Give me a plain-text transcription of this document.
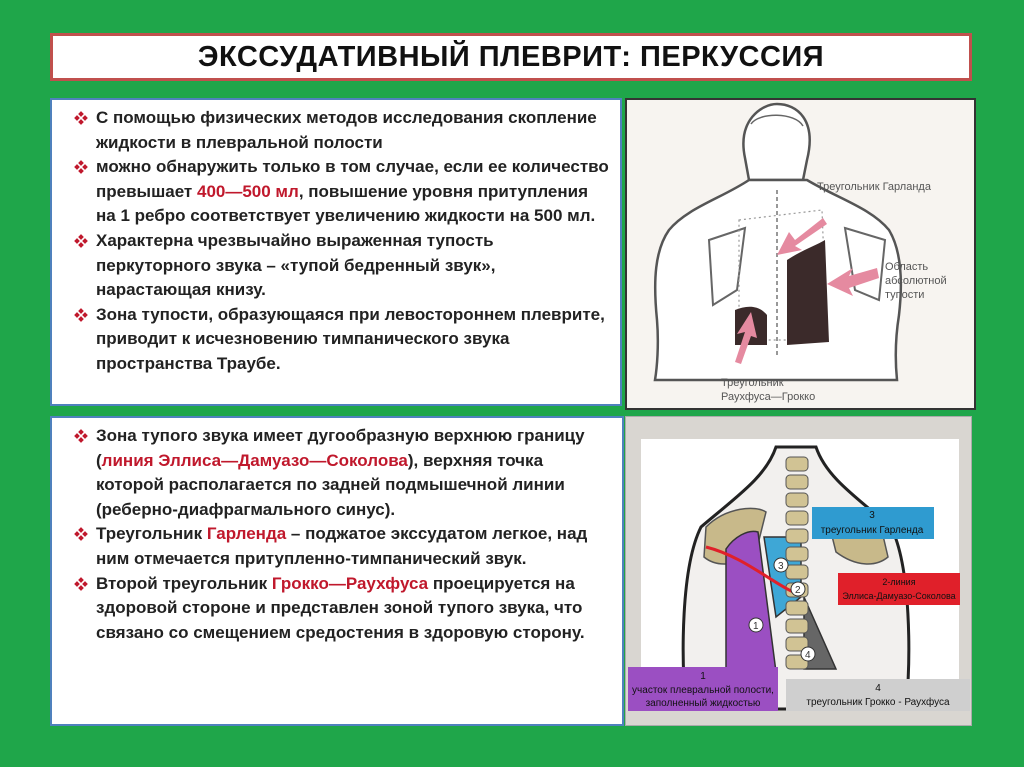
ЭКССУДАТИВНЫЙ ПЛЕВРИТ: ПЕРКУССИЯ
С помощью физических методов исследования скопление жидкости в плевральной полости
можно обнаружить только в том случае, если ее количество превышает 400—500 мл, повышение уровня притупления на 1 ребро соответствует увеличению жидкости на 500 мл.
Характерна чрезвычайно выраженная тупость перкуторного звука – «тупой бедренный звук», нарастающая книзу.
Зона тупости, образующаяся при левостороннем плеврите, приводит к исчезновению тимпанического звука пространства Траубе.
Треугольник Гарланда
Область
абсолютной
тупости
Треугольник
Раухфуса—Грокко
Зона тупого звука имеет дугообразную верхнюю границу (линия Эллиса—Дамуазо—Соколова), верхняя точка которой располагается по задней подмышечной линии (реберно-диафрагмального синус).
Треугольник Гарленда – поджатое экссудатом легкое, над ним отмечается притупленно-тимпанический звук.
Второй треугольник Грокко—Раухфуса проецируется на здоровой стороне и представлен зоной тупого звука, что связано со смещением средостения в здоровую сторону.	1
2
3
4
3
треугольник Гарленда
2-линия
Эллиса-Дамуазо-Соколова
1
участок плевральной полости,
заполненный жидкостью
4
треугольник Грокко - Раухфуса
